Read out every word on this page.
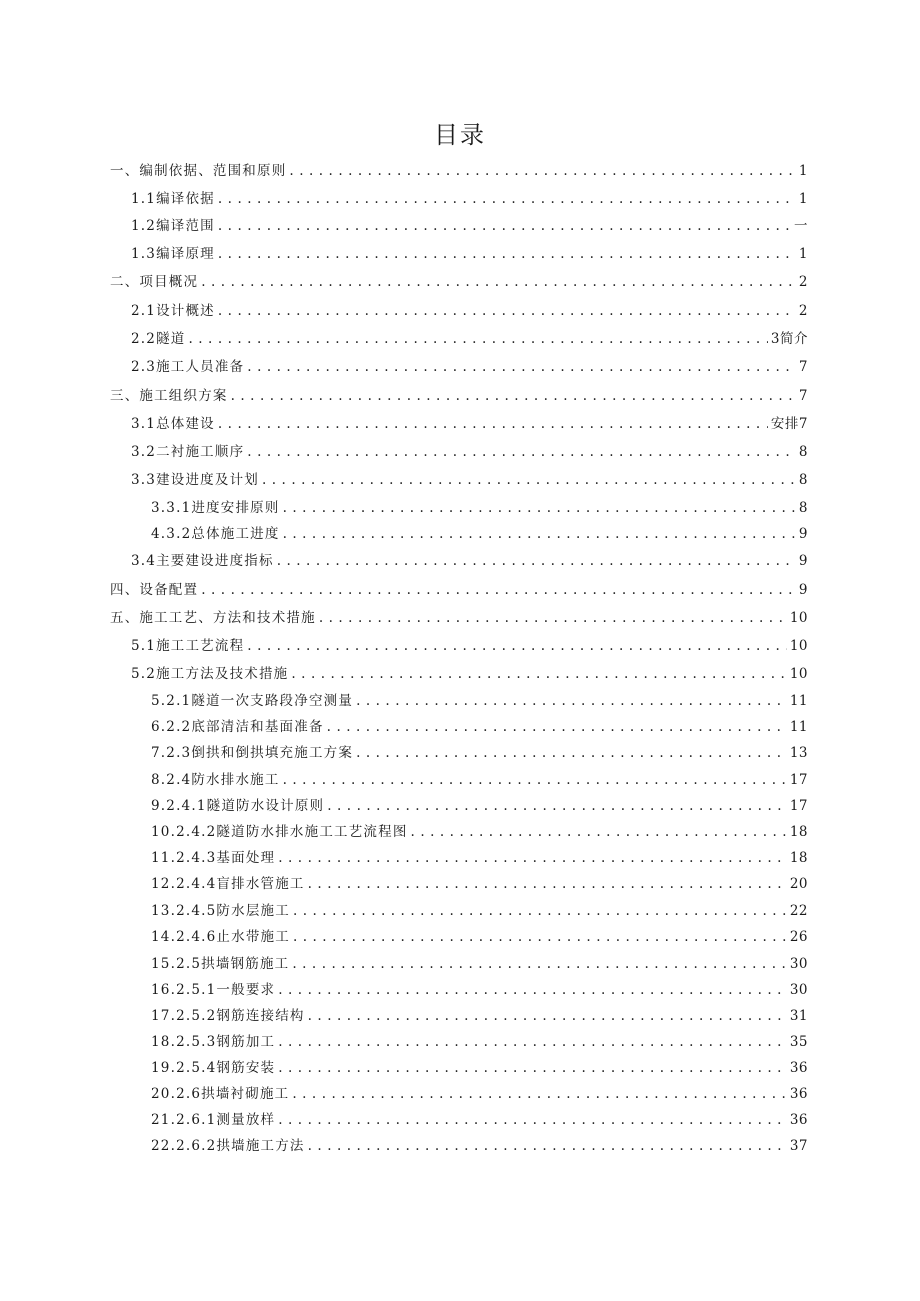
目录
一、 编制依据、范围和原则 . . .	1
1.1 编译依据 . . .	1
1.2 编译范围 . . .	一
1.3 编译原理 . . .	1
二、 项目概况 . . .	2
2.1 设计概述 . . .	2
2.2 隧道 . . .	3简介
2.3 施工人员准备 . . .	7
三、 施工组织方案 . . .	7
3.1 总体建设 . . .	安排7
3.2 二衬施工顺序 . . .	8
3.3 建设进度及计划 . . .	8
3 .3.1进度安排原则 . . .	8
4 .3.2总体施工进度 . . .	9
3.4 主要建设进度指标 . . .	9
四、 设备配置 . . .	9
五、 施工工艺、方法和技术措施 . . .	10
5.1 施工工艺流程 . . .	10
5.2 施工方法及技术措施 . . .	10
5. 2.1隧道一次支路段净空测量 . . .	11
6. 2.2底部清洁和基面准备 . . .	11
7. 2.3倒拱和倒拱填充施工方案 . . .	13
8. 2.4防水排水施工 . . .	17
9. 2.4.1隧道防水设计原则 . . .	17
10. 2.4.2隧道防水排水施工工艺流程图 . . .	18
11. 2.4.3基面处理 . . .	18
12. 2.4.4盲排水管施工 . . .	20
13. 2.4.5防水层施工 . . .	22
14. 2.4.6止水带施工 . . .	26
15. 2.5拱墙钢筋施工 . . .	30
16. 2.5.1一般要求 . . .	30
17. 2.5.2钢筋连接结构 . . .	31
18. 2.5.3钢筋加工 . . .	35
19. 2.5.4钢筋安装 . . .	36
20. 2.6拱墙衬砌施工 . . .	36
21. 2.6.1测量放样 . . .	36
22. 2.6.2拱墙施工方法 . . .	37
